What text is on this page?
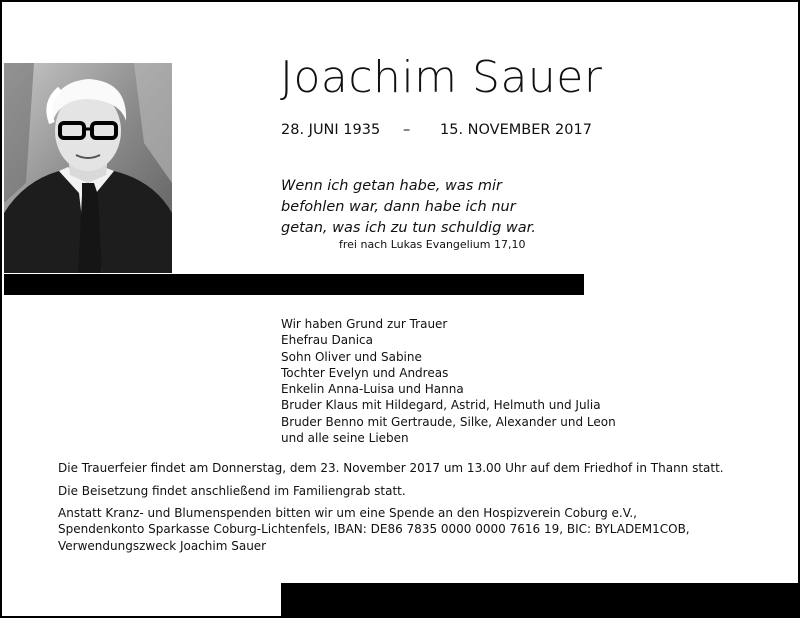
Joachim Sauer
28. JUNI 1935 – 15. NOVEMBER 2017
Wenn ich getan habe, was mir
befohlen war, dann habe ich nur
getan, was ich zu tun schuldig war.
frei nach Lukas Evangelium 17,10
Wir haben Grund zur Trauer
Ehefrau Danica
Sohn Oliver und Sabine
Tochter Evelyn und Andreas
Enkelin Anna-Luisa und Hanna
Bruder Klaus mit Hildegard, Astrid, Helmuth und Julia
Bruder Benno mit Gertraude, Silke, Alexander und Leon
und alle seine Lieben
Die Trauerfeier findet am Donnerstag, dem 23. November 2017 um 13.00 Uhr auf dem Friedhof in Thann statt.
Die Beisetzung findet anschließend im Familiengrab statt.
Anstatt Kranz- und Blumenspenden bitten wir um eine Spende an den Hospizverein Coburg e.V.,
Spendenkonto Sparkasse Coburg-Lichtenfels, IBAN: DE86 7835 0000 0000 7616 19, BIC: BYLADEM1COB,
Verwendungszweck Joachim Sauer
